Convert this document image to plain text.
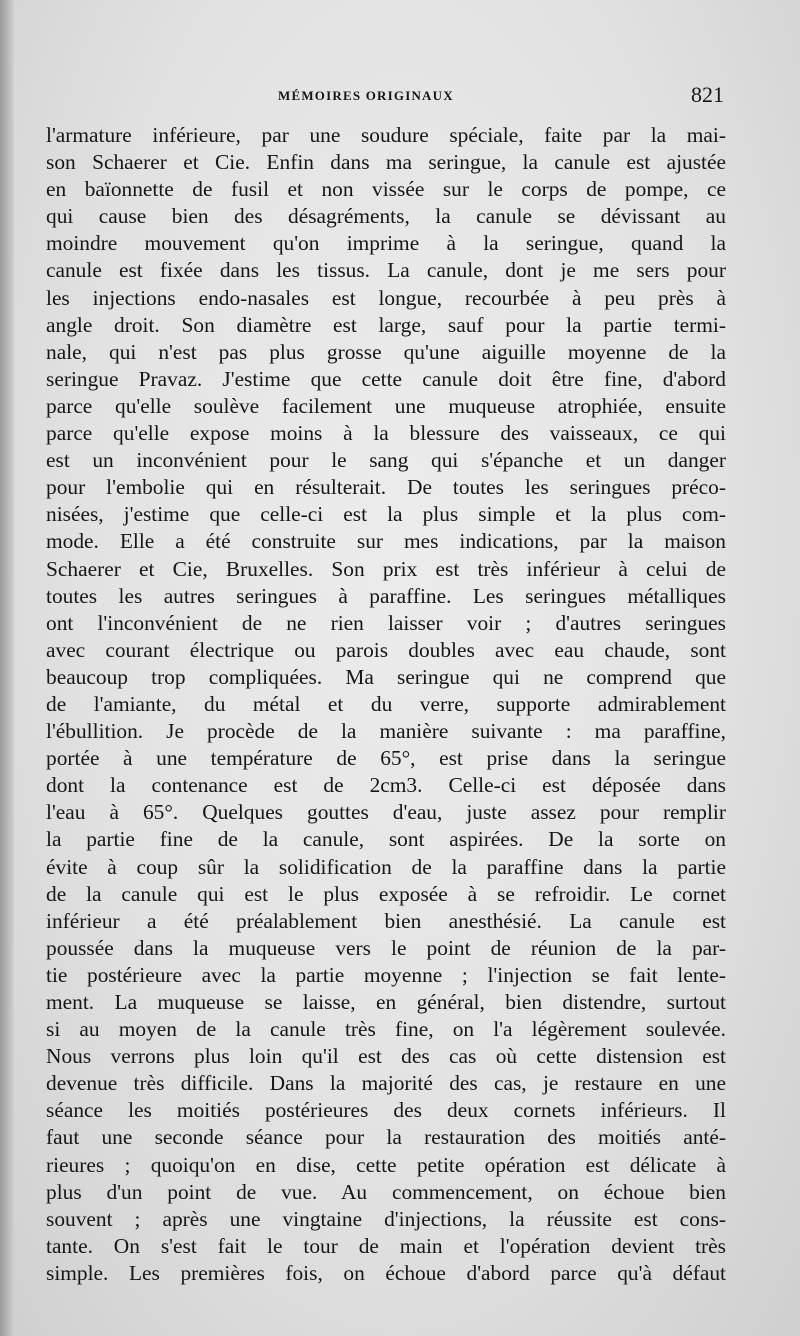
MÉMOIRES ORIGINAUX	821
l'armature inférieure, par une soudure spéciale, faite par la mai-
son Schaerer et Cie. Enfin dans ma seringue, la canule est ajustée
en baïonnette de fusil et non vissée sur le corps de pompe, ce
qui cause bien des désagréments, la canule se dévissant au
moindre mouvement qu'on imprime à la seringue, quand la
canule est fixée dans les tissus. La canule, dont je me sers pour
les injections endo-nasales est longue, recourbée à peu près à
angle droit. Son diamètre est large, sauf pour la partie termi-
nale, qui n'est pas plus grosse qu'une aiguille moyenne de la
seringue Pravaz. J'estime que cette canule doit être fine, d'abord
parce qu'elle soulève facilement une muqueuse atrophiée, ensuite
parce qu'elle expose moins à la blessure des vaisseaux, ce qui
est un inconvénient pour le sang qui s'épanche et un danger
pour l'embolie qui en résulterait. De toutes les seringues préco-
nisées, j'estime que celle-ci est la plus simple et la plus com-
mode. Elle a été construite sur mes indications, par la maison
Schaerer et Cie, Bruxelles. Son prix est très inférieur à celui de
toutes les autres seringues à paraffine. Les seringues métalliques
ont l'inconvénient de ne rien laisser voir ; d'autres seringues
avec courant électrique ou parois doubles avec eau chaude, sont
beaucoup trop compliquées. Ma seringue qui ne comprend que
de l'amiante, du métal et du verre, supporte admirablement
l'ébullition. Je procède de la manière suivante : ma paraffine,
portée à une température de 65°, est prise dans la seringue
dont la contenance est de 2cm3. Celle-ci est déposée dans
l'eau à 65°. Quelques gouttes d'eau, juste assez pour remplir
la partie fine de la canule, sont aspirées. De la sorte on
évite à coup sûr la solidification de la paraffine dans la partie
de la canule qui est le plus exposée à se refroidir. Le cornet
inférieur a été préalablement bien anesthésié. La canule est
poussée dans la muqueuse vers le point de réunion de la par-
tie postérieure avec la partie moyenne ; l'injection se fait lente-
ment. La muqueuse se laisse, en général, bien distendre, surtout
si au moyen de la canule très fine, on l'a légèrement soulevée.
Nous verrons plus loin qu'il est des cas où cette distension est
devenue très difficile. Dans la majorité des cas, je restaure en une
séance les moitiés postérieures des deux cornets inférieurs. Il
faut une seconde séance pour la restauration des moitiés anté-
rieures ; quoiqu'on en dise, cette petite opération est délicate à
plus d'un point de vue. Au commencement, on échoue bien
souvent ; après une vingtaine d'injections, la réussite est cons-
tante. On s'est fait le tour de main et l'opération devient très
simple. Les premières fois, on échoue d'abord parce qu'à défaut
